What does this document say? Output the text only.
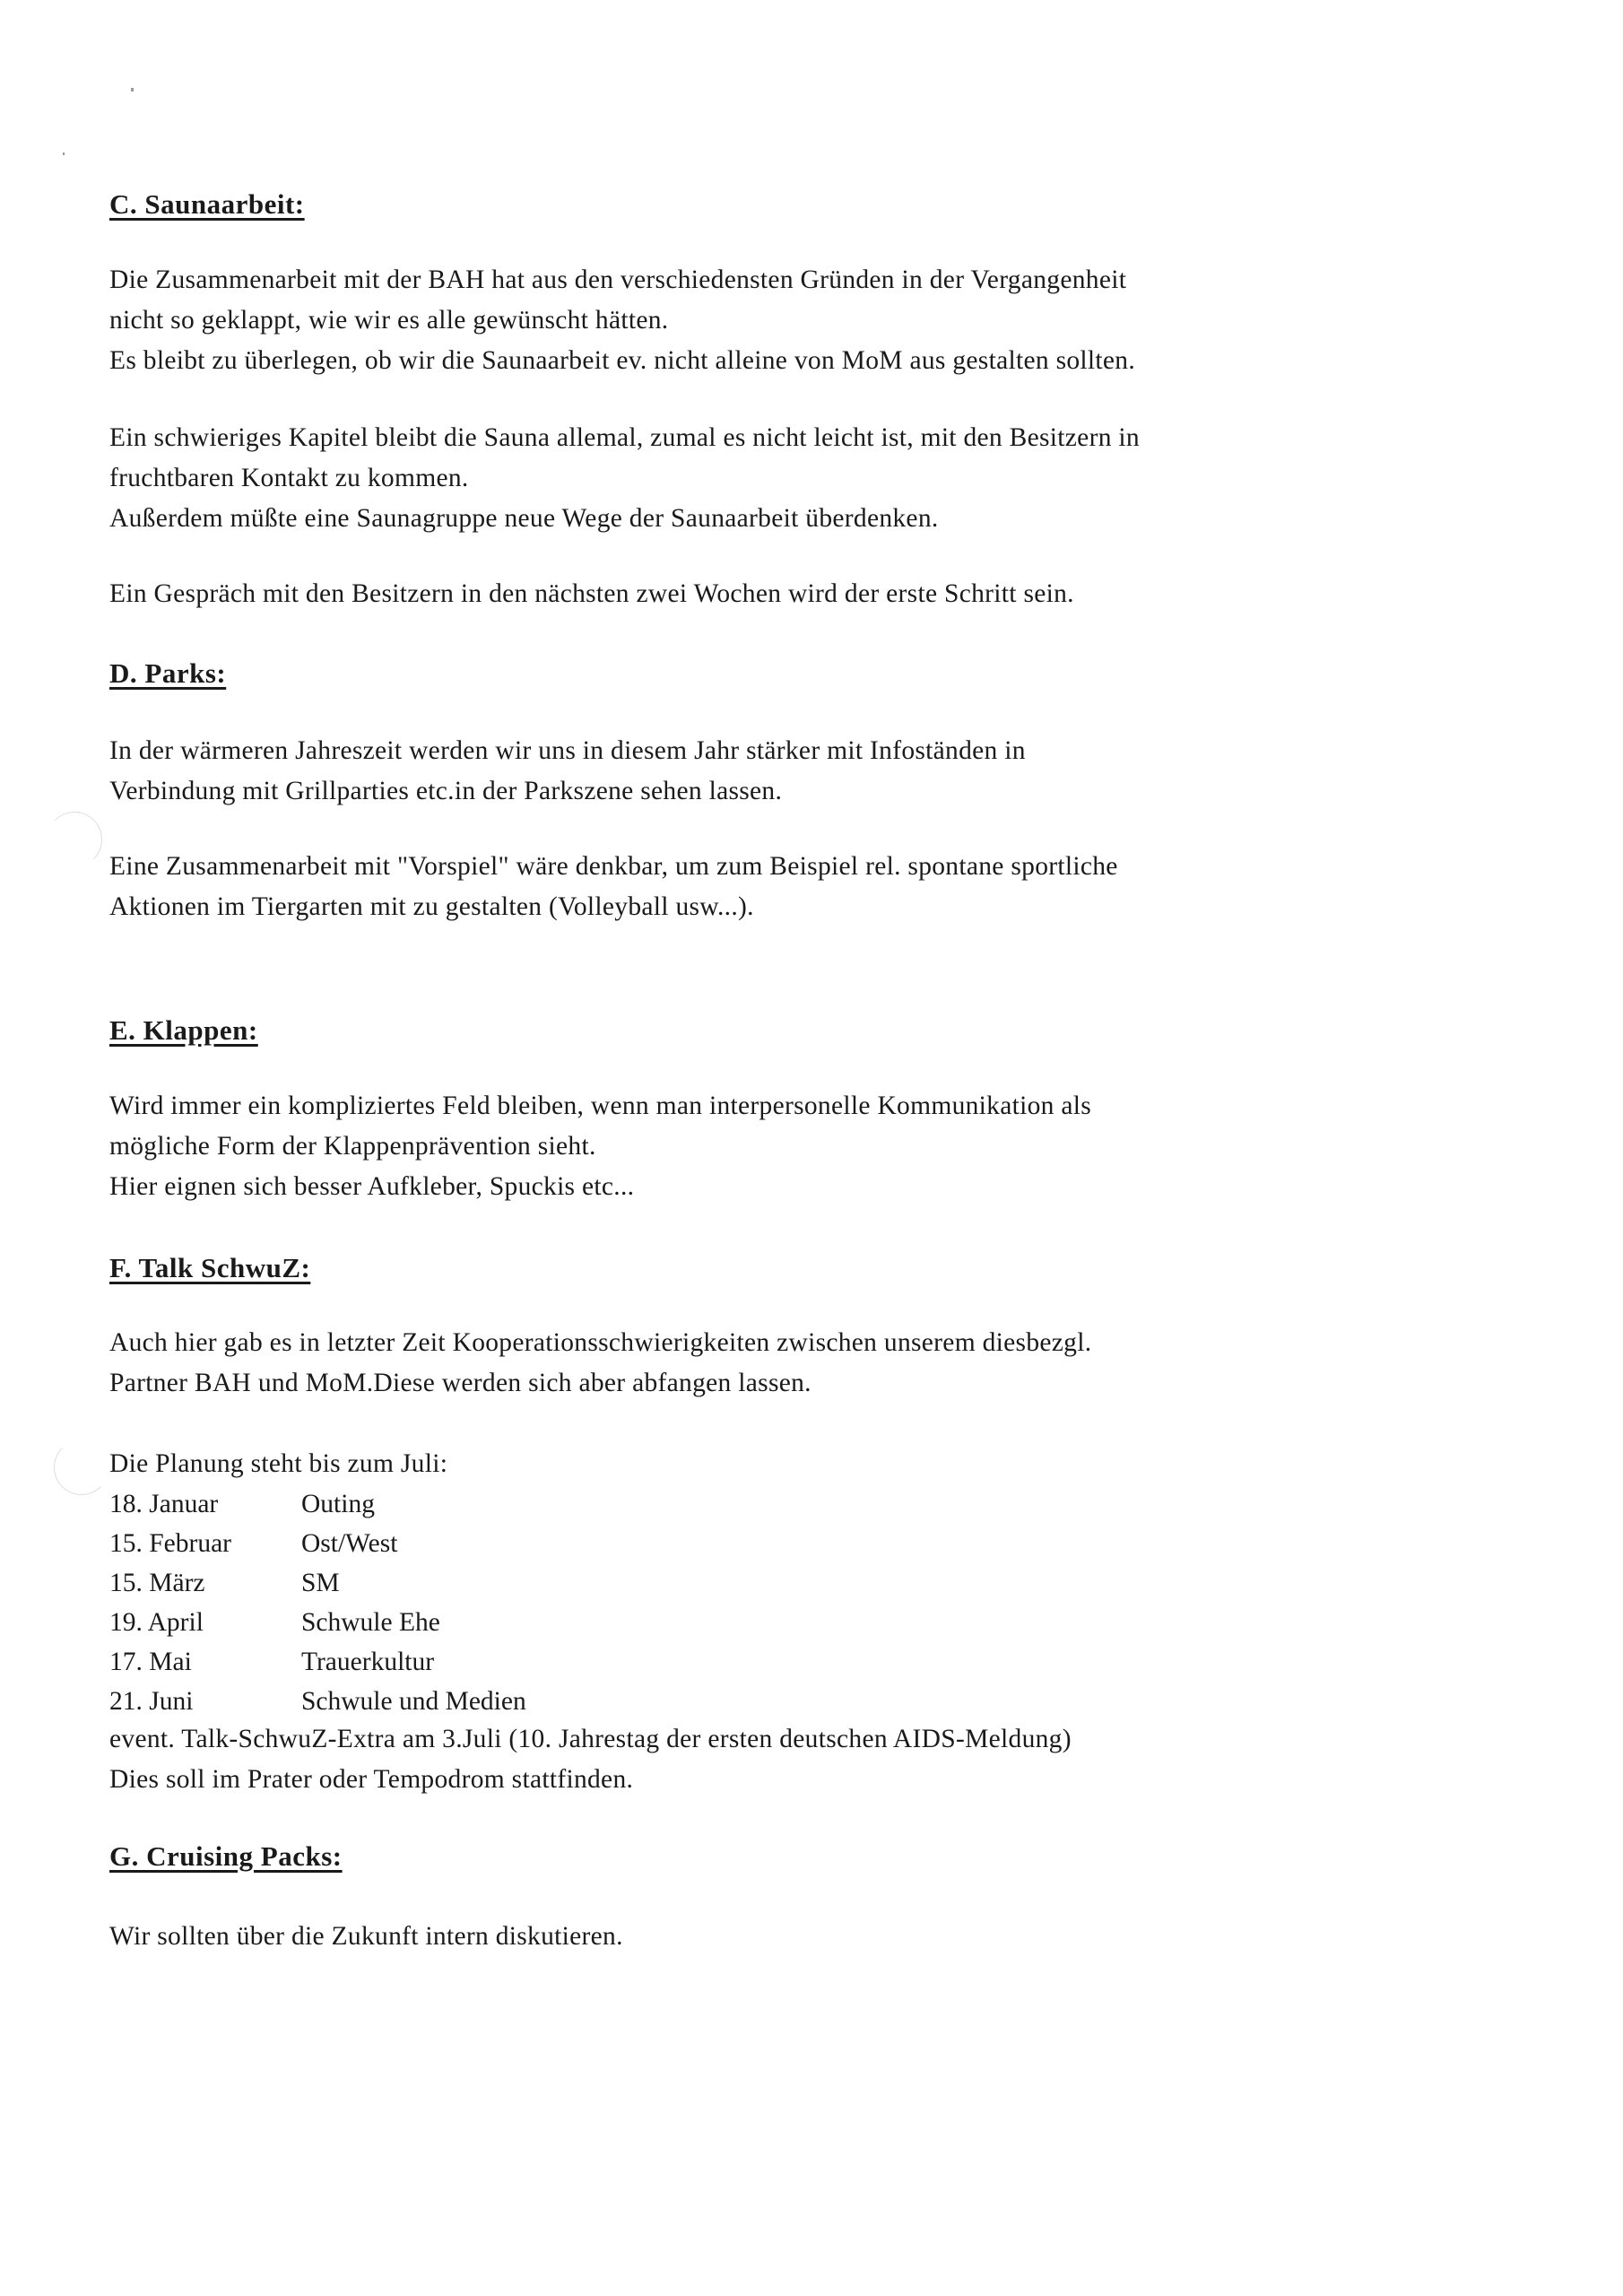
C. Saunaarbeit:

Die Zusammenarbeit mit der BAH hat aus den verschiedensten Gründen in der Vergangenheit

nicht so geklappt, wie wir es alle gewünscht hätten.

Es bleibt zu überlegen, ob wir die Saunaarbeit ev. nicht alleine von MoM aus gestalten sollten.

Ein schwieriges Kapitel bleibt die Sauna allemal, zumal es nicht leicht ist, mit den Besitzern in

fruchtbaren Kontakt zu kommen.

Außerdem müßte eine Saunagruppe neue Wege der Saunaarbeit überdenken.

Ein Gespräch mit den Besitzern in den nächsten zwei Wochen wird der erste Schritt sein.

D. Parks:

In der wärmeren Jahreszeit werden wir uns in diesem Jahr stärker mit Infoständen in

Verbindung mit Grillparties etc.in der Parkszene sehen lassen.

Eine Zusammenarbeit mit "Vorspiel" wäre denkbar, um zum Beispiel rel. spontane sportliche

Aktionen im Tiergarten mit zu gestalten (Volleyball usw...).

E. Klappen:

Wird immer ein kompliziertes Feld bleiben, wenn man interpersonelle Kommunikation als

mögliche Form der Klappenprävention sieht.

Hier eignen sich besser Aufkleber, Spuckis etc...

F. Talk SchwuZ:

Auch hier gab es in letzter Zeit Kooperationsschwierigkeiten zwischen unserem diesbezgl.

Partner BAH und MoM.Diese werden sich aber abfangen lassen.

Die Planung steht bis zum Juli:

18. Januar	Outing
15. Februar	Ost/West
15. März	SM
19. April	Schwule Ehe
17. Mai	Trauerkultur
21. Juni	Schwule und Medien

event. Talk-SchwuZ-Extra am 3.Juli (10. Jahrestag der ersten deutschen AIDS-Meldung)

Dies soll im Prater oder Tempodrom stattfinden.

G. Cruising Packs:

Wir sollten über die Zukunft intern diskutieren.
